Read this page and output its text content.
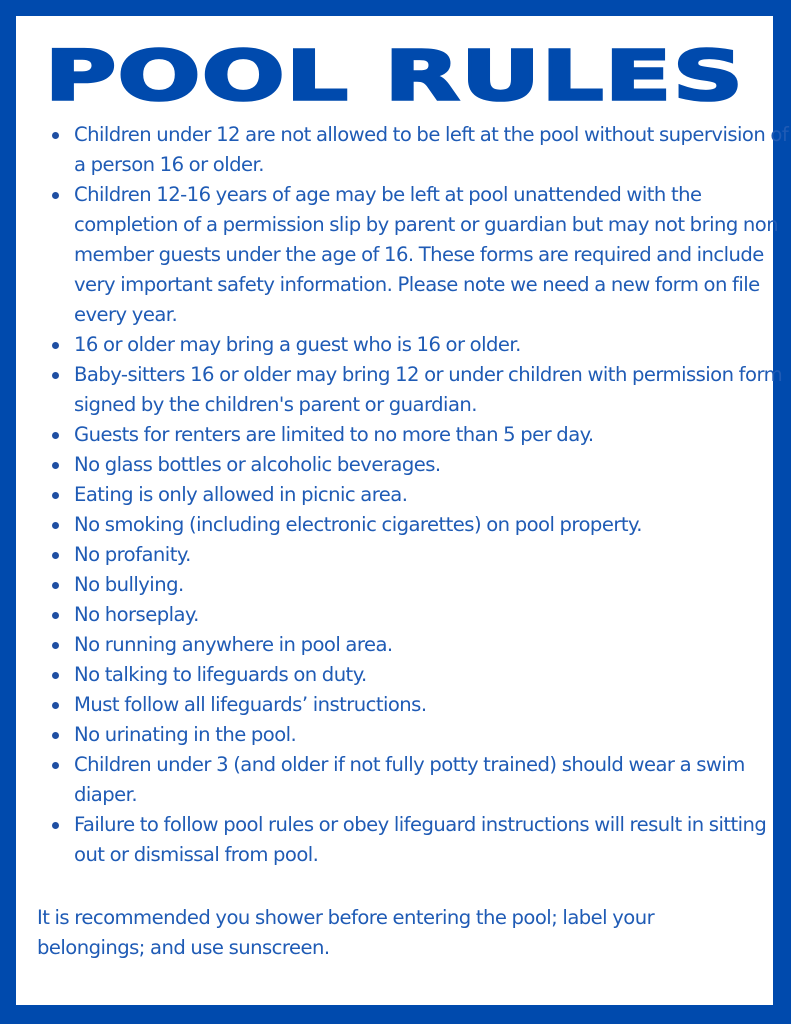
POOL RULES
Children under 12 are not allowed to be left at the pool without supervision of a person 16 or older.
Children 12-16 years of age may be left at pool unattended with the completion of a permission slip by parent or guardian but may not bring non member guests under the age of 16. These forms are required and include very important safety information. Please note we need a new form on file every year.
16 or older may bring a guest who is 16 or older.
Baby-sitters 16 or older may bring 12 or under children with permission form signed by the children's parent or guardian.
Guests for renters are limited to no more than 5 per day.
No glass bottles or alcoholic beverages.
Eating is only allowed in picnic area.
No smoking (including electronic cigarettes) on pool property.
No profanity.
No bullying.
No horseplay.
No running anywhere in pool area.
No talking to lifeguards on duty.
Must follow all lifeguards’ instructions.
No urinating in the pool.
Children under 3 (and older if not fully potty trained) should wear a swim diaper.
Failure to follow pool rules or obey lifeguard instructions will result in sitting out or dismissal from pool.

It is recommended you shower before entering the pool; label your belongings; and use sunscreen.
